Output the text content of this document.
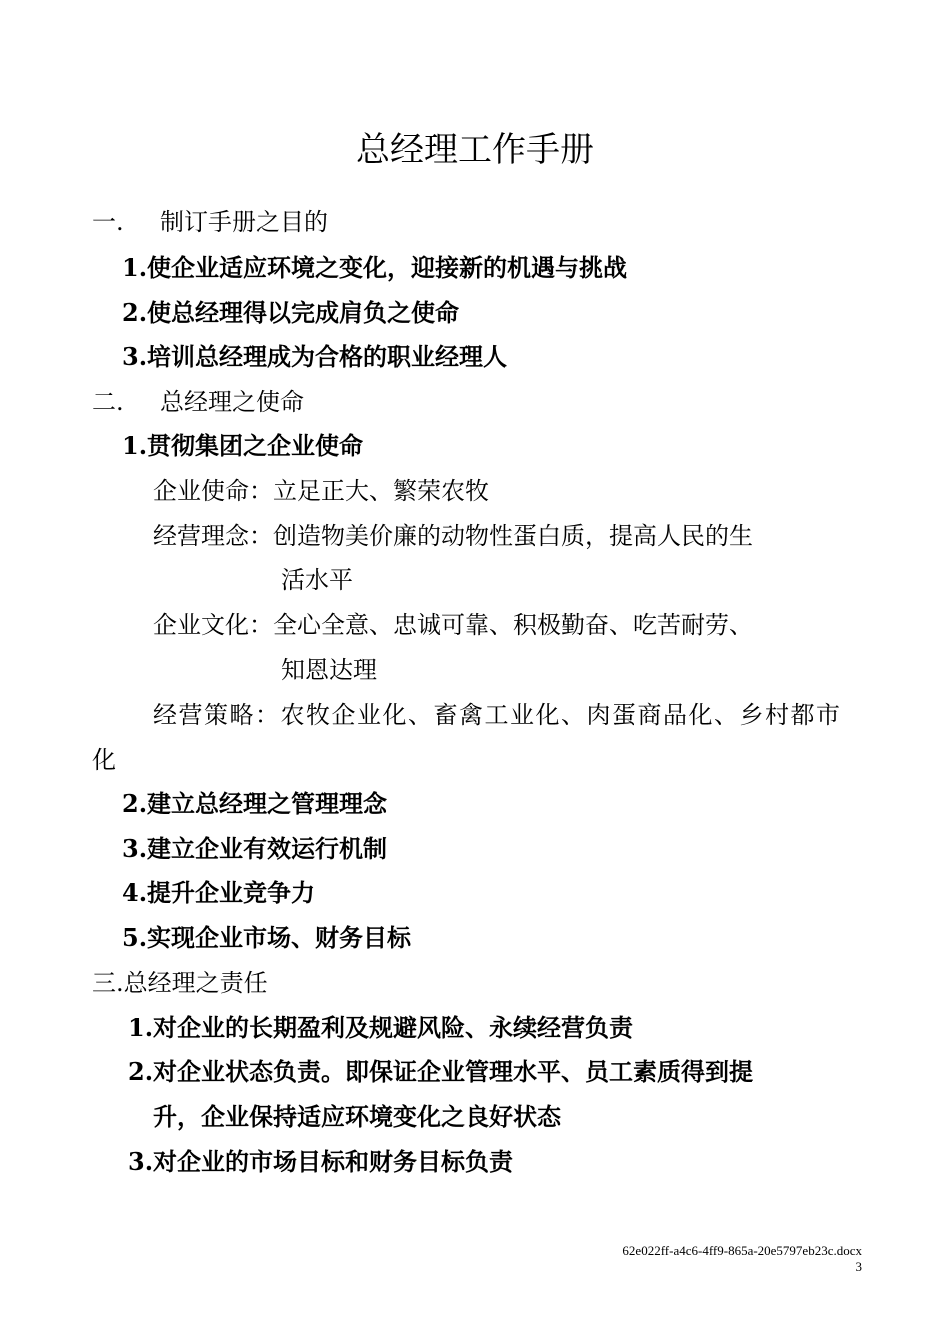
总经理工作手册
一. 制订手册之目的
1.使企业适应环境之变化，迎接新的机遇与挑战
2.使总经理得以完成肩负之使命
3.培训总经理成为合格的职业经理人
二. 总经理之使命
1.贯彻集团之企业使命
企业使命：立足正大、繁荣农牧
经营理念：创造物美价廉的动物性蛋白质，提高人民的生
活水平
企业文化：全心全意、忠诚可靠、积极勤奋、吃苦耐劳、
知恩达理
经营策略：农牧企业化、畜禽工业化、肉蛋商品化、乡村都市
化
2.建立总经理之管理理念
3.建立企业有效运行机制
4.提升企业竞争力
5.实现企业市场、财务目标
三.总经理之责任
1.对企业的长期盈利及规避风险、永续经营负责
2.对企业状态负责。即保证企业管理水平、员工素质得到提
升，企业保持适应环境变化之良好状态
3.对企业的市场目标和财务目标负责
62e022ff-a4c6-4ff9-865a-20e5797eb23c.docx
3
